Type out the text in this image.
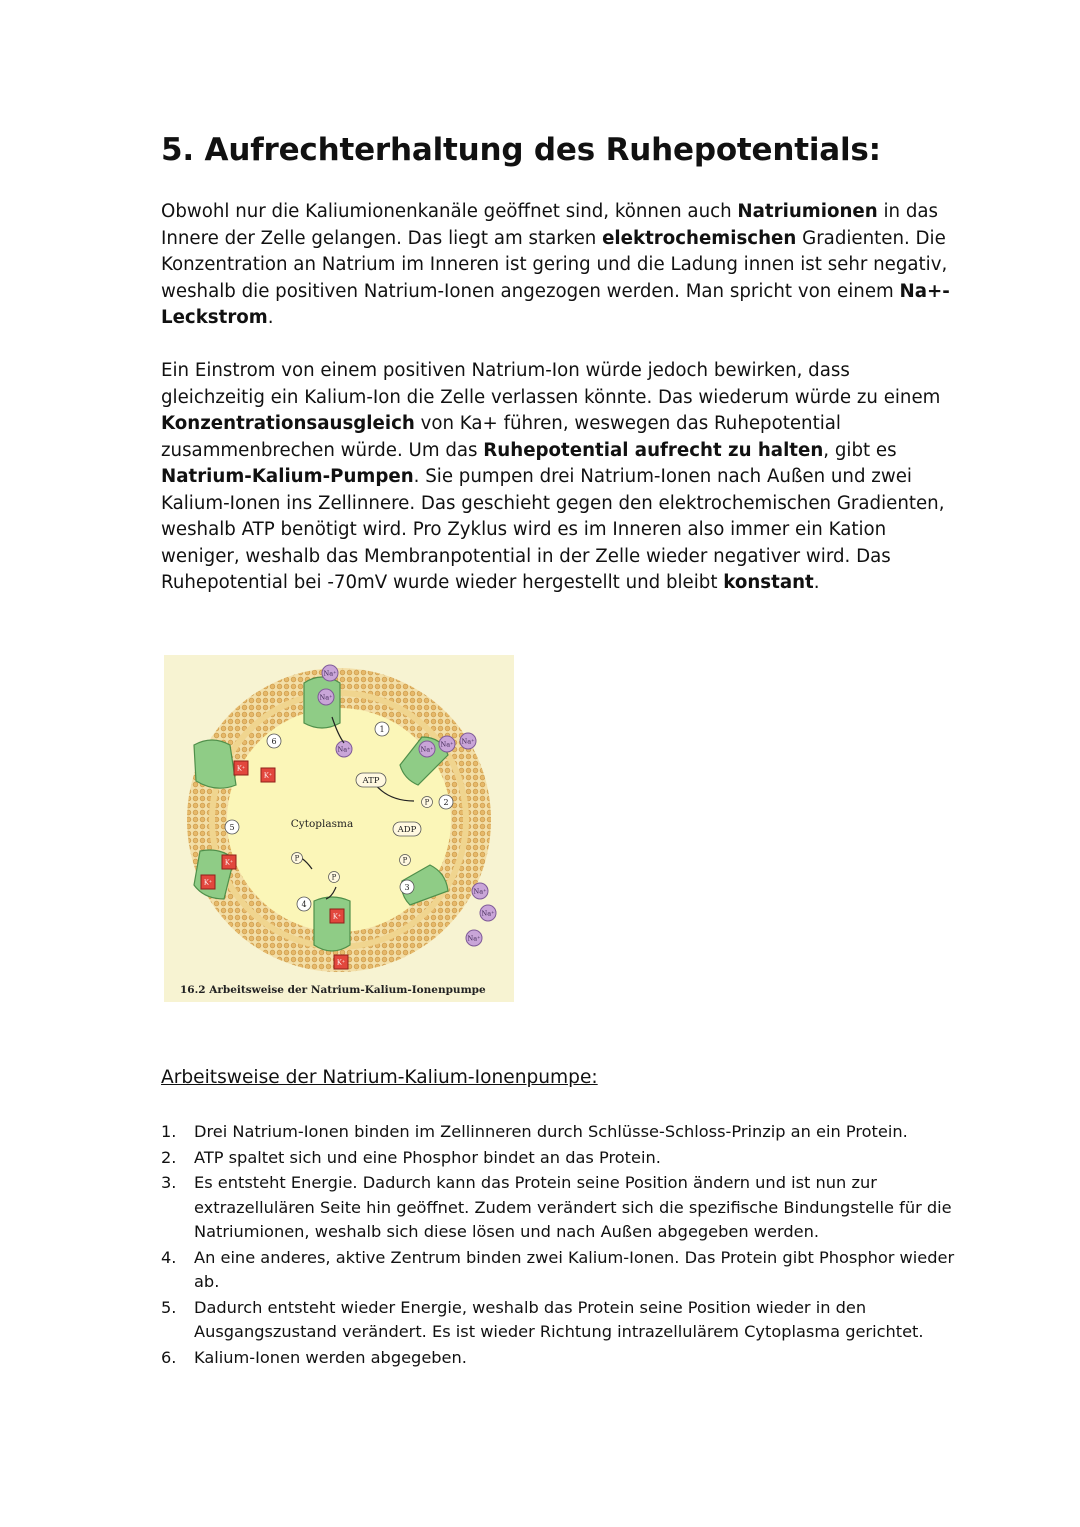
5. Aufrechterhaltung des Ruhepotentials:

Obwohl nur die Kaliumionenkanäle geöffnet sind, können auch Natriumionen in das Innere der Zelle gelangen. Das liegt am starken elektrochemischen Gradienten. Die Konzentration an Natrium im Inneren ist gering und die Ladung innen ist sehr negativ, weshalb die positiven Natrium-Ionen angezogen werden. Man spricht von einem Na+-Leckstrom.

Ein Einstrom von einem positiven Natrium-Ion würde jedoch bewirken, dass gleichzeitig ein Kalium-Ion die Zelle verlassen könnte. Das wiederum würde zu einem Konzentrationsausgleich von Ka+ führen, weswegen das Ruhepotential zusammenbrechen würde. Um das Ruhepotential aufrecht zu halten, gibt es Natrium-Kalium-Pumpen. Sie pumpen drei Natrium-Ionen nach Außen und zwei Kalium-Ionen ins Zellinnere. Das geschieht gegen den elektrochemischen Gradienten, weshalb ATP benötigt wird. Pro Zyklus wird es im Inneren also immer ein Kation weniger, weshalb das Membranpotential in der Zelle wieder negativer wird. Das Ruhepotential bei -70mV wurde wieder hergestellt und bleibt konstant.

ATP
ADP
Cytoplasma
P
P
P
P
1
2
3
4
5
6
16.2 Arbeitsweise der Natrium-Kalium-Ionenpumpe
Na⁺
Na⁺
Na⁺	Na⁺
Na⁺ Na⁺
Na⁺
Na⁺
Na⁺
K⁺
K⁺
K⁺
K⁺
K⁺
K⁺

Arbeitsweise der Natrium-Kalium-Ionenpumpe:

1. Drei Natrium-Ionen binden im Zellinneren durch Schlüsse-Schloss-Prinzip an ein Protein.
2. ATP spaltet sich und eine Phosphor bindet an das Protein.
3. Es entsteht Energie. Dadurch kann das Protein seine Position ändern und ist nun zur extrazellulären Seite hin geöffnet. Zudem verändert sich die spezifische Bindungstelle für die Natriumionen, weshalb sich diese lösen und nach Außen abgegeben werden.
4. An eine anderes, aktive Zentrum binden zwei Kalium-Ionen. Das Protein gibt Phosphor wieder ab.
5. Dadurch entsteht wieder Energie, weshalb das Protein seine Position wieder in den Ausgangszustand verändert. Es ist wieder Richtung intrazellulärem Cytoplasma gerichtet.
6. Kalium-Ionen werden abgegeben.
